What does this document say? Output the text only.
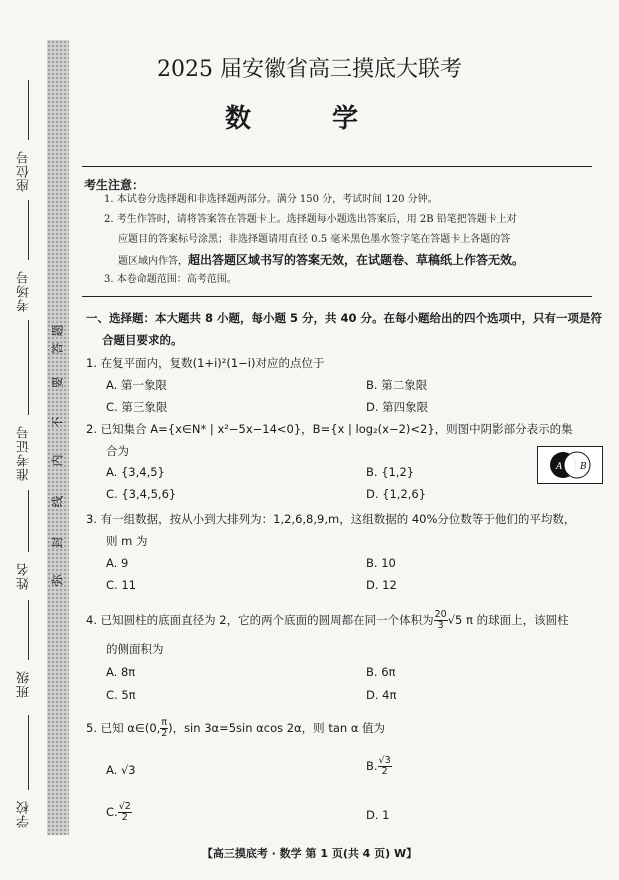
题
答
要
不
内
线
封
弥
座位号
考场号
准考证号
姓名
班级
学校
2025 届安徽省高三摸底大联考
数 学
考生注意：
1. 本试卷分选择题和非选择题两部分。满分 150 分，考试时间 120 分钟。
2. 考生作答时，请将答案答在答题卡上。选择题每小题选出答案后，用 2B 铅笔把答题卡上对
应题目的答案标号涂黑；非选择题请用直径 0.5 毫米黑色墨水签字笔在答题卡上各题的答
题区域内作答，超出答题区域书写的答案无效，在试题卷、草稿纸上作答无效。
3. 本卷命题范围：高考范围。
一、选择题：本大题共 8 小题，每小题 5 分，共 40 分。在每小题给出的四个选项中，只有一项是符
合题目要求的。
1. 在复平面内，复数(1+i)²(1−i)对应的点位于
A. 第一象限	B. 第二象限
C. 第三象限	D. 第四象限
2. 已知集合 A={x∈N* | x²−5x−14<0}，B={x | log₂(x−2)<2}，则图中阴影部分表示的集
合为
A. {3,4,5}	B. {1,2}
C. {3,4,5,6}	D. {1,2,6}
A B
3. 有一组数据，按从小到大排列为：1,2,6,8,9,m，这组数据的 40%分位数等于他们的平均数，
则 m 为
A. 9	B. 10
C. 11	D. 12
4. 已知圆柱的底面直径为 2，它的两个底面的圆周都在同一个体积为 $\frac{20}{3} √5$ π 的球面上，该圆柱
的侧面积为
A. 8π	B. 6π
C. 5π	D. 4π
5. 已知 α∈(0, $\frac{\pi}{2}$ )，sin 3α=5sin αcos 2α，则 tan α 值为
A. √3	B. $\frac{√3}{2}$
C. $\frac{√2}{2}$	D. 1
【高三摸底考 · 数学 第 1 页(共 4 页) W】
